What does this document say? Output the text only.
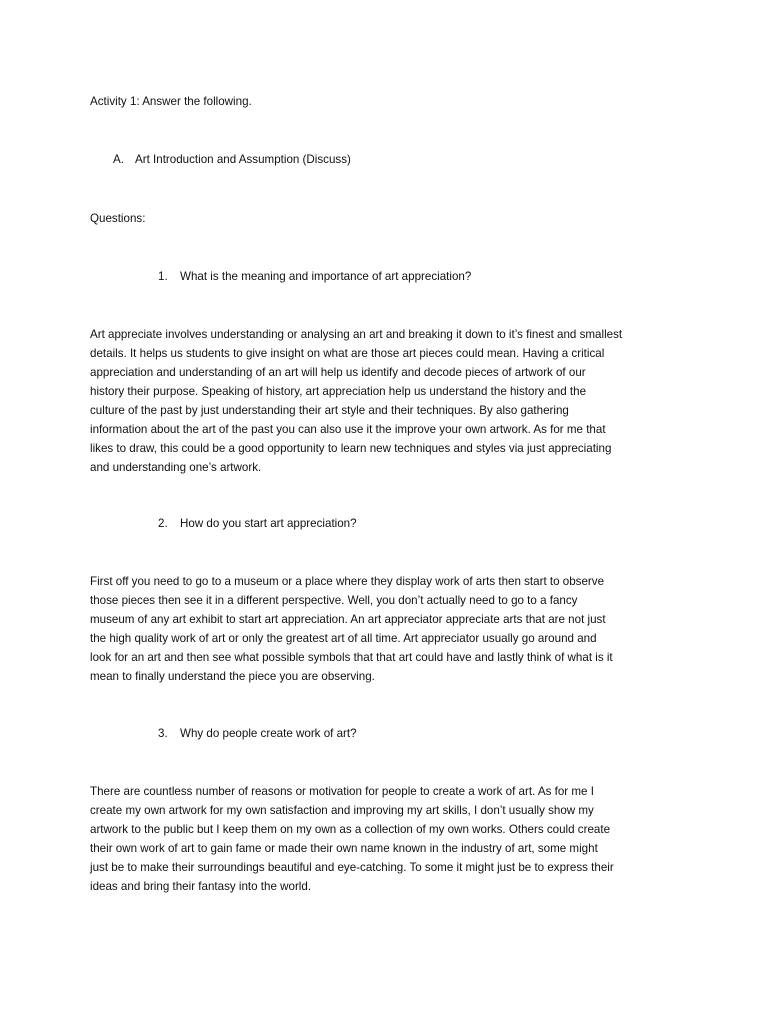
Activity 1: Answer the following.

A. Art Introduction and Assumption (Discuss)

Questions:

1. What is the meaning and importance of art appreciation?

Art appreciate involves understanding or analysing an art and breaking it down to it’s finest and smallest
details. It helps us students to give insight on what are those art pieces could mean. Having a critical
appreciation and understanding of an art will help us identify and decode pieces of artwork of our
history their purpose. Speaking of history, art appreciation help us understand the history and the
culture of the past by just understanding their art style and their techniques. By also gathering
information about the art of the past you can also use it the improve your own artwork. As for me that
likes to draw, this could be a good opportunity to learn new techniques and styles via just appreciating
and understanding one’s artwork.

2. How do you start art appreciation?

First off you need to go to a museum or a place where they display work of arts then start to observe
those pieces then see it in a different perspective. Well, you don’t actually need to go to a fancy
museum of any art exhibit to start art appreciation. An art appreciator appreciate arts that are not just
the high quality work of art or only the greatest art of all time. Art appreciator usually go around and
look for an art and then see what possible symbols that that art could have and lastly think of what is it
mean to finally understand the piece you are observing.

3. Why do people create work of art?

There are countless number of reasons or motivation for people to create a work of art. As for me I
create my own artwork for my own satisfaction and improving my art skills, I don’t usually show my
artwork to the public but I keep them on my own as a collection of my own works. Others could create
their own work of art to gain fame or made their own name known in the industry of art, some might
just be to make their surroundings beautiful and eye-catching. To some it might just be to express their
ideas and bring their fantasy into the world.
